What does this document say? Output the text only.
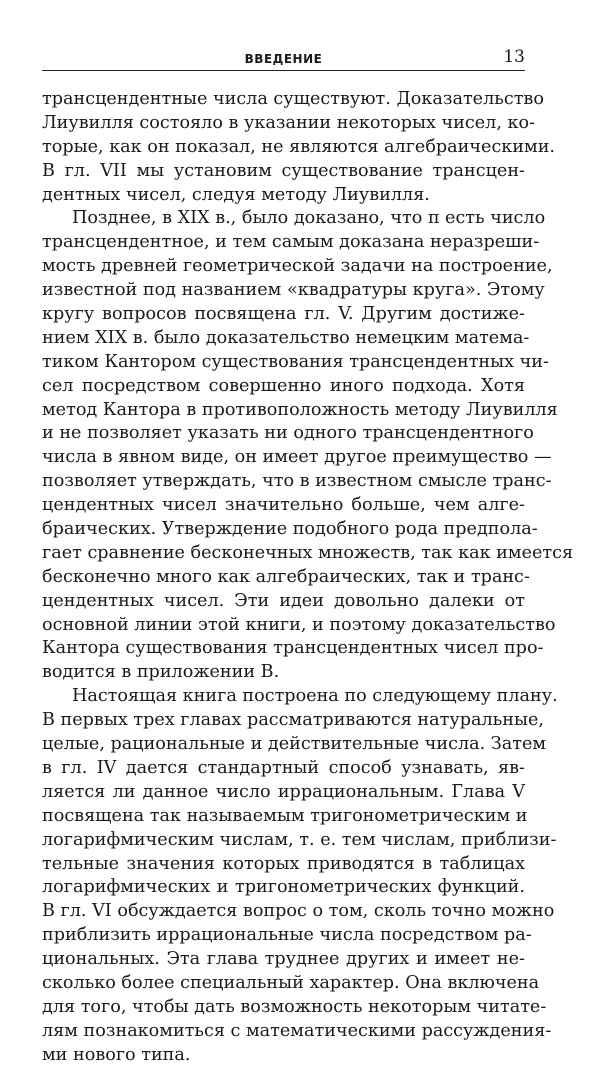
ВВЕДЕНИЕ	13
трансцендентные числа существуют. Доказательство
Лиувилля состояло в указании некоторых чисел, ко-
торые, как он показал, не являются алгебраическими.
В гл. VII мы установим существование трансцен-
дентных чисел, следуя методу Лиувилля.
Позднее, в XIX в., было доказано, что π есть число
трансцендентное, и тем самым доказана неразреши-
мость древней геометрической задачи на построение,
известной под названием «квадратуры круга». Этому
кругу вопросов посвящена гл. V. Другим достиже-
нием XIX в. было доказательство немецким матема-
тиком Кантором существования трансцендентных чи-
сел посредством совершенно иного подхода. Хотя
метод Кантора в противоположность методу Лиувилля
и не позволяет указать ни одного трансцендентного
числа в явном виде, он имеет другое преимущество —
позволяет утверждать, что в известном смысле транс-
цендентных чисел значительно больше, чем алге-
браических. Утверждение подобного рода предпола-
гает сравнение бесконечных множеств, так как имеется
бесконечно много как алгебраических, так и транс-
цендентных чисел. Эти идеи довольно далеки от
основной линии этой книги, и поэтому доказательство
Кантора существования трансцендентных чисел про-
водится в приложении В.
Настоящая книга построена по следующему плану.
В первых трех главах рассматриваются натуральные,
целые, рациональные и действительные числа. Затем
в гл. IV дается стандартный способ узнавать, яв-
ляется ли данное число иррациональным. Глава V
посвящена так называемым тригонометрическим и
логарифмическим числам, т. е. тем числам, приблизи-
тельные значения которых приводятся в таблицах
логарифмических и тригонометрических функций.
В гл. VI обсуждается вопрос о том, сколь точно можно
приблизить иррациональные числа посредством ра-
циональных. Эта глава труднее других и имеет не-
сколько более специальный характер. Она включена
для того, чтобы дать возможность некоторым читате-
лям познакомиться с математическими рассуждения-
ми нового типа.
